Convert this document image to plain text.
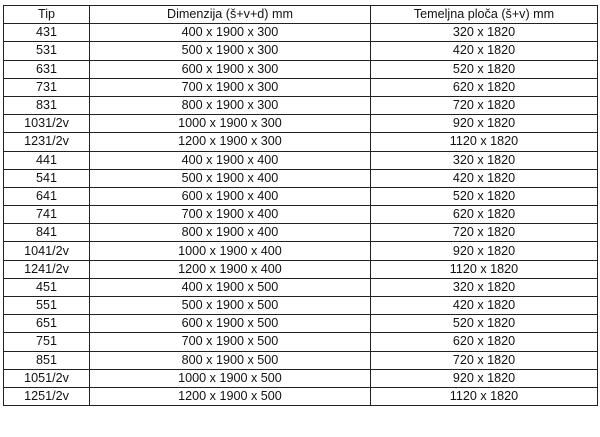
Tip	Dimenzija (š+v+d) mm	Temeljna ploča (š+v) mm
431	400 x 1900 x 300	320 x 1820
531	500 x 1900 x 300	420 x 1820
631	600 x 1900 x 300	520 x 1820
731	700 x 1900 x 300	620 x 1820
831	800 x 1900 x 300	720 x 1820
1031/2v	1000 x 1900 x 300	920 x 1820
1231/2v	1200 x 1900 x 300	1120 x 1820
441	400 x 1900 x 400	320 x 1820
541	500 x 1900 x 400	420 x 1820
641	600 x 1900 x 400	520 x 1820
741	700 x 1900 x 400	620 x 1820
841	800 x 1900 x 400	720 x 1820
1041/2v	1000 x 1900 x 400	920 x 1820
1241/2v	1200 x 1900 x 400	1120 x 1820
451	400 x 1900 x 500	320 x 1820
551	500 x 1900 x 500	420 x 1820
651	600 x 1900 x 500	520 x 1820
751	700 x 1900 x 500	620 x 1820
851	800 x 1900 x 500	720 x 1820
1051/2v	1000 x 1900 x 500	920 x 1820
1251/2v	1200 x 1900 x 500	1120 x 1820
